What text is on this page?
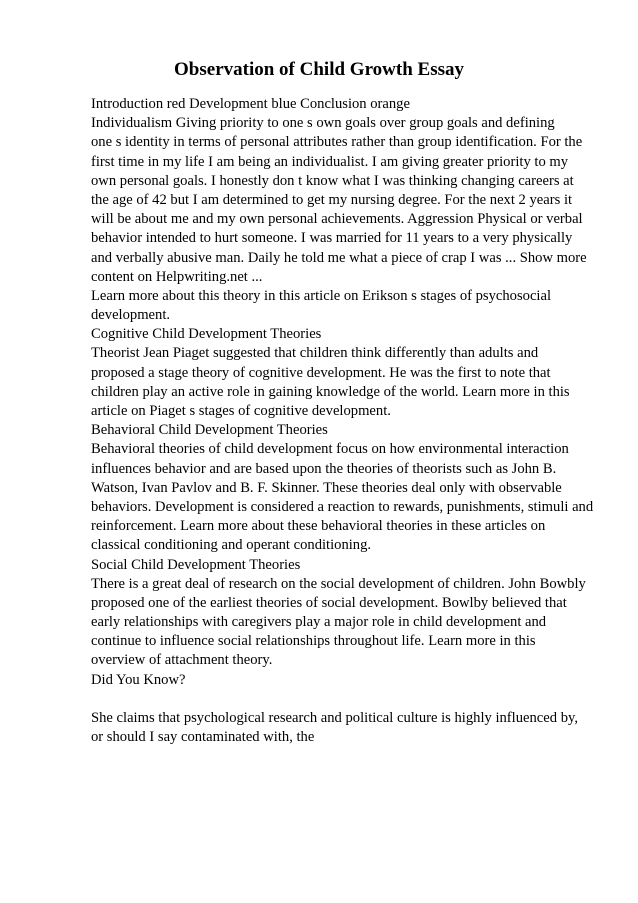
Observation of Child Growth Essay
Introduction red Development blue Conclusion orange
Individualism Giving priority to one s own goals over group goals and defining
one s identity in terms of personal attributes rather than group identification. For the
first time in my life I am being an individualist. I am giving greater priority to my
own personal goals. I honestly don t know what I was thinking changing careers at
the age of 42 but I am determined to get my nursing degree. For the next 2 years it
will be about me and my own personal achievements. Aggression Physical or verbal
behavior intended to hurt someone. I was married for 11 years to a very physically
and verbally abusive man. Daily he told me what a piece of crap I was ... Show more
content on Helpwriting.net ...
Learn more about this theory in this article on Erikson s stages of psychosocial
development.
Cognitive Child Development Theories
Theorist Jean Piaget suggested that children think differently than adults and
proposed a stage theory of cognitive development. He was the first to note that
children play an active role in gaining knowledge of the world. Learn more in this
article on Piaget s stages of cognitive development.
Behavioral Child Development Theories
Behavioral theories of child development focus on how environmental interaction
influences behavior and are based upon the theories of theorists such as John B.
Watson, Ivan Pavlov and B. F. Skinner. These theories deal only with observable
behaviors. Development is considered a reaction to rewards, punishments, stimuli and
reinforcement. Learn more about these behavioral theories in these articles on
classical conditioning and operant conditioning.
Social Child Development Theories
There is a great deal of research on the social development of children. John Bowbly
proposed one of the earliest theories of social development. Bowlby believed that
early relationships with caregivers play a major role in child development and
continue to influence social relationships throughout life. Learn more in this
overview of attachment theory.
Did You Know?
She claims that psychological research and political culture is highly influenced by,
or should I say contaminated with, the
